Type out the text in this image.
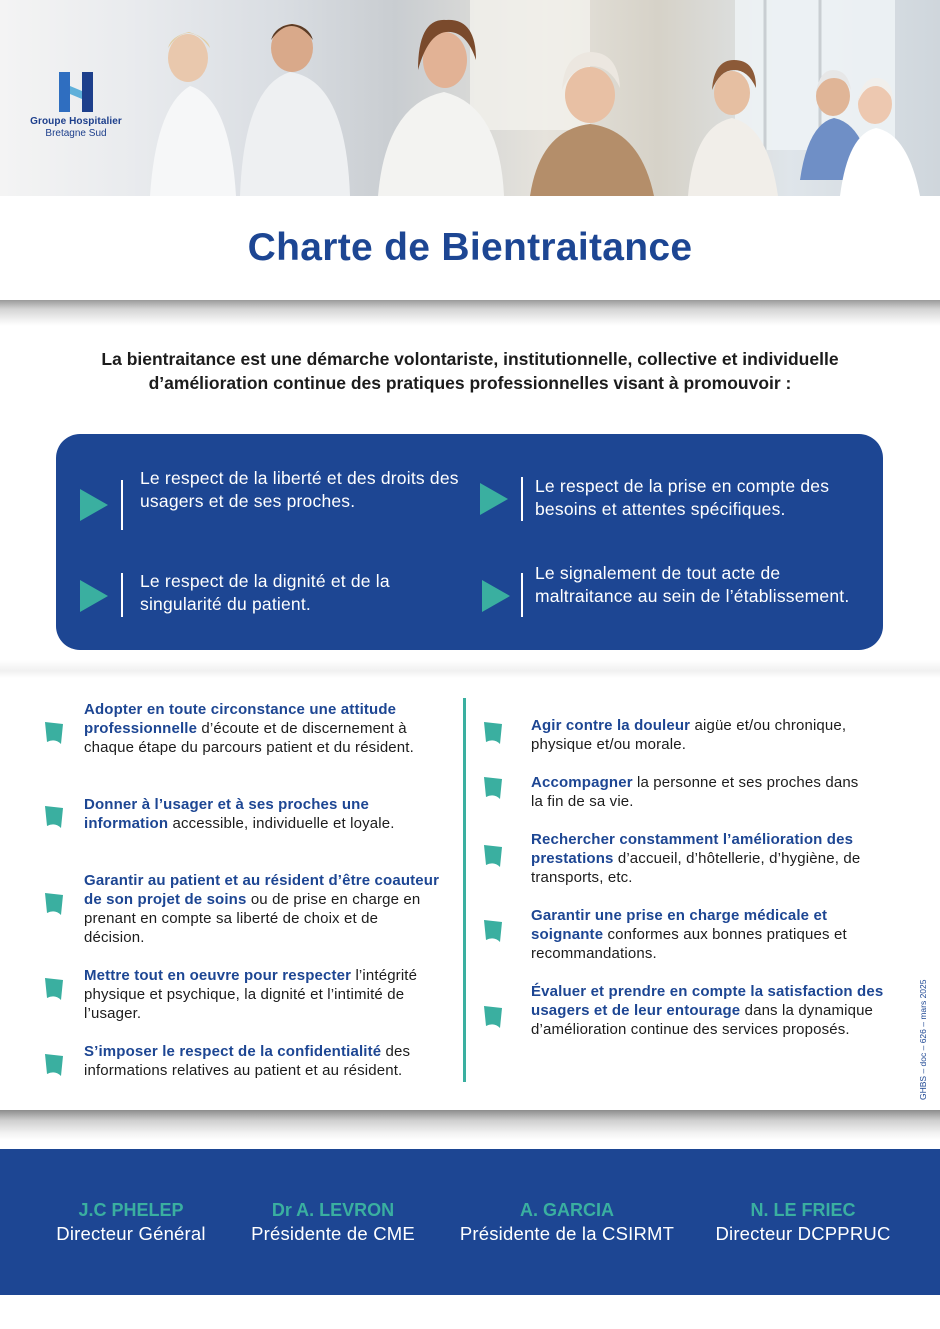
Groupe Hospitalier
Bretagne Sud
Charte de Bientraitance

La bientraitance est une démarche volontariste, institutionnelle, collective et individuelle d’amélioration continue des pratiques professionnelles visant à promouvoir :

Le respect de la liberté et des droits des usagers et de ses proches.
Le respect de la prise en compte des besoins et attentes spécifiques.
Le respect de la dignité et de la singularité du patient.
Le signalement de tout acte de maltraitance au sein de l’établissement.
Adopter en toute circonstance une attitude professionnelle d’écoute et de discernement à chaque étape du parcours patient et du résident.
Donner à l’usager et à ses proches une information accessible, individuelle et loyale.
Garantir au patient et au résident d’être coauteur de son projet de soins ou de prise en charge en prenant en compte sa liberté de choix et de décision.
Mettre tout en oeuvre pour respecter l’intégrité physique et psychique, la dignité et l’intimité de l’usager.
S’imposer le respect de la confidentialité des informations relatives au patient et au résident.
Agir contre la douleur aigüe et/ou chronique, physique et/ou morale.
Accompagner la personne et ses proches dans la fin de sa vie.
Rechercher constamment l’amélioration des prestations d’accueil, d’hôtellerie, d’hygiène, de transports, etc.
Garantir une prise en charge médicale et soignante conformes aux bonnes pratiques et recommandations.
Évaluer et prendre en compte la satisfaction des usagers et de leur entourage dans la dynamique d’amélioration continue des services proposés.	GHBS – doc – 626 – mars 2025
J.C PHELEP
Directeur Général
Dr A. LEVRON
Présidente de CME
A. GARCIA
Présidente de la CSIRMT
N. LE FRIEC
Directeur DCPPRUC
